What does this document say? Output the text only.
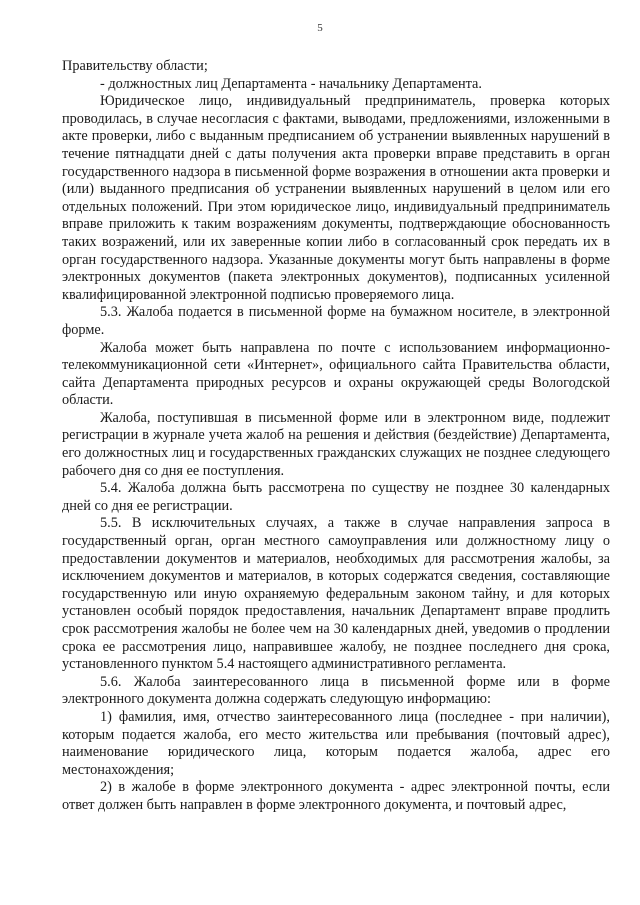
5

Правительству области;

- должностных лиц Департамента - начальнику Департамента.

Юридическое лицо, индивидуальный предприниматель, проверка которых проводилась, в случае несогласия с фактами, выводами, предложениями, изложенными в акте проверки, либо с выданным предписанием об устранении выявленных нарушений в течение пятнадцати дней с даты получения акта проверки вправе представить в орган государственного надзора в письменной форме возражения в отношении акта проверки и (или) выданного предписания об устранении выявленных нарушений в целом или его отдельных положений. При этом юридическое лицо, индивидуальный предприниматель вправе приложить к таким возражениям документы, подтверждающие обоснованность таких возражений, или их заверенные копии либо в согласованный срок передать их в орган государственного надзора. Указанные документы могут быть направлены в форме электронных документов (пакета электронных документов), подписанных усиленной квалифицированной электронной подписью проверяемого лица.

5.3. Жалоба подается в письменной форме на бумажном носителе, в электронной форме.

Жалоба может быть направлена по почте с использованием информационно-телекоммуникационной сети «Интернет», официального сайта Правительства области, сайта Департамента природных ресурсов и охраны окружающей среды Вологодской области.

Жалоба, поступившая в письменной форме или в электронном виде, подлежит регистрации в журнале учета жалоб на решения и действия (бездействие) Департамента, его должностных лиц и государственных гражданских служащих не позднее следующего рабочего дня со дня ее поступления.

5.4. Жалоба должна быть рассмотрена по существу не позднее 30 календарных дней со дня ее регистрации.

5.5. В исключительных случаях, а также в случае направления запроса в государственный орган, орган местного самоуправления или должностному лицу о предоставлении документов и материалов, необходимых для рассмотрения жалобы, за исключением документов и материалов, в которых содержатся сведения, составляющие государственную или иную охраняемую федеральным законом тайну, и для которых установлен особый порядок предоставления, начальник Департамент вправе продлить срок рассмотрения жалобы не более чем на 30 календарных дней, уведомив о продлении срока ее рассмотрения лицо, направившее жалобу, не позднее последнего дня срока, установленного пунктом 5.4 настоящего административного регламента.

5.6. Жалоба заинтересованного лица в письменной форме или в форме электронного документа должна содержать следующую информацию:

1) фамилия, имя, отчество заинтересованного лица (последнее - при наличии), которым подается жалоба, его место жительства или пребывания (почтовый адрес), наименование юридического лица, которым подается жалоба, адрес его местонахождения;

2) в жалобе в форме электронного документа - адрес электронной почты, если ответ должен быть направлен в форме электронного документа, и почтовый адрес,
